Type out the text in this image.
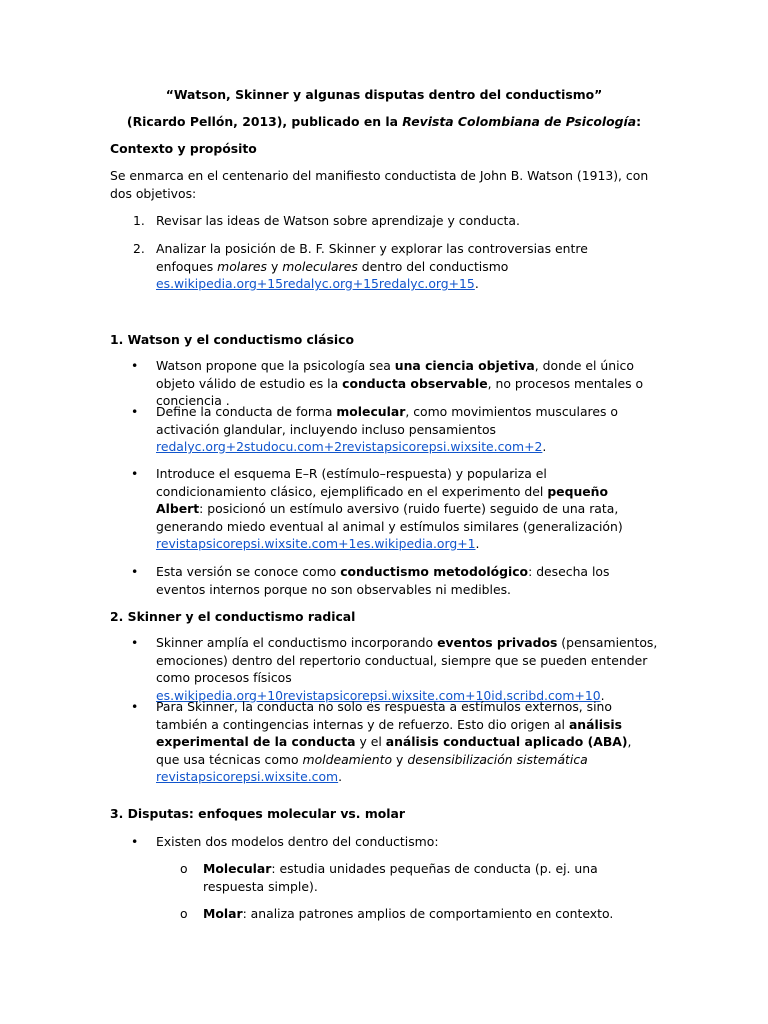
“Watson, Skinner y algunas disputas dentro del conductismo”

(Ricardo Pellón, 2013), publicado en la Revista Colombiana de Psicología:

Contexto y propósito

Se enmarca en el centenario del manifiesto conductista de John B. Watson (1913), con dos objetivos:

1. Revisar las ideas de Watson sobre aprendizaje y conducta.

2. Analizar la posición de B. F. Skinner y explorar las controversias entre enfoques molares y moleculares dentro del conductismo
es.wikipedia.org+15redalyc.org+15redalyc.org+15.

1. Watson y el conductismo clásico

• Watson propone que la psicología sea una ciencia objetiva, donde el único objeto válido de estudio es la conducta observable, no procesos mentales o conciencia .

• Define la conducta de forma molecular, como movimientos musculares o activación glandular, incluyendo incluso pensamientos
redalyc.org+2studocu.com+2revistapsicorepsi.wixsite.com+2.

• Introduce el esquema E–R (estímulo–respuesta) y populariza el condicionamiento clásico, ejemplificado en el experimento del pequeño Albert: posicionó un estímulo aversivo (ruido fuerte) seguido de una rata, generando miedo eventual al animal y estímulos similares (generalización)
revistapsicorepsi.wixsite.com+1es.wikipedia.org+1.

• Esta versión se conoce como conductismo metodológico: desecha los eventos internos porque no son observables ni medibles.

2. Skinner y el conductismo radical

• Skinner amplía el conductismo incorporando eventos privados (pensamientos, emociones) dentro del repertorio conductual, siempre que se pueden entender como procesos físicos es.wikipedia.org+10revistapsicorepsi.wixsite.com+10id.scribd.com+10.

• Para Skinner, la conducta no solo es respuesta a estímulos externos, sino también a contingencias internas y de refuerzo. Esto dio origen al análisis experimental de la conducta y el análisis conductual aplicado (ABA), que usa técnicas como moldeamiento y desensibilización sistemática revistapsicorepsi.wixsite.com.

3. Disputas: enfoques molecular vs. molar

• Existen dos modelos dentro del conductismo:

o Molecular: estudia unidades pequeñas de conducta (p. ej. una respuesta simple).

o Molar: analiza patrones amplios de comportamiento en contexto.
